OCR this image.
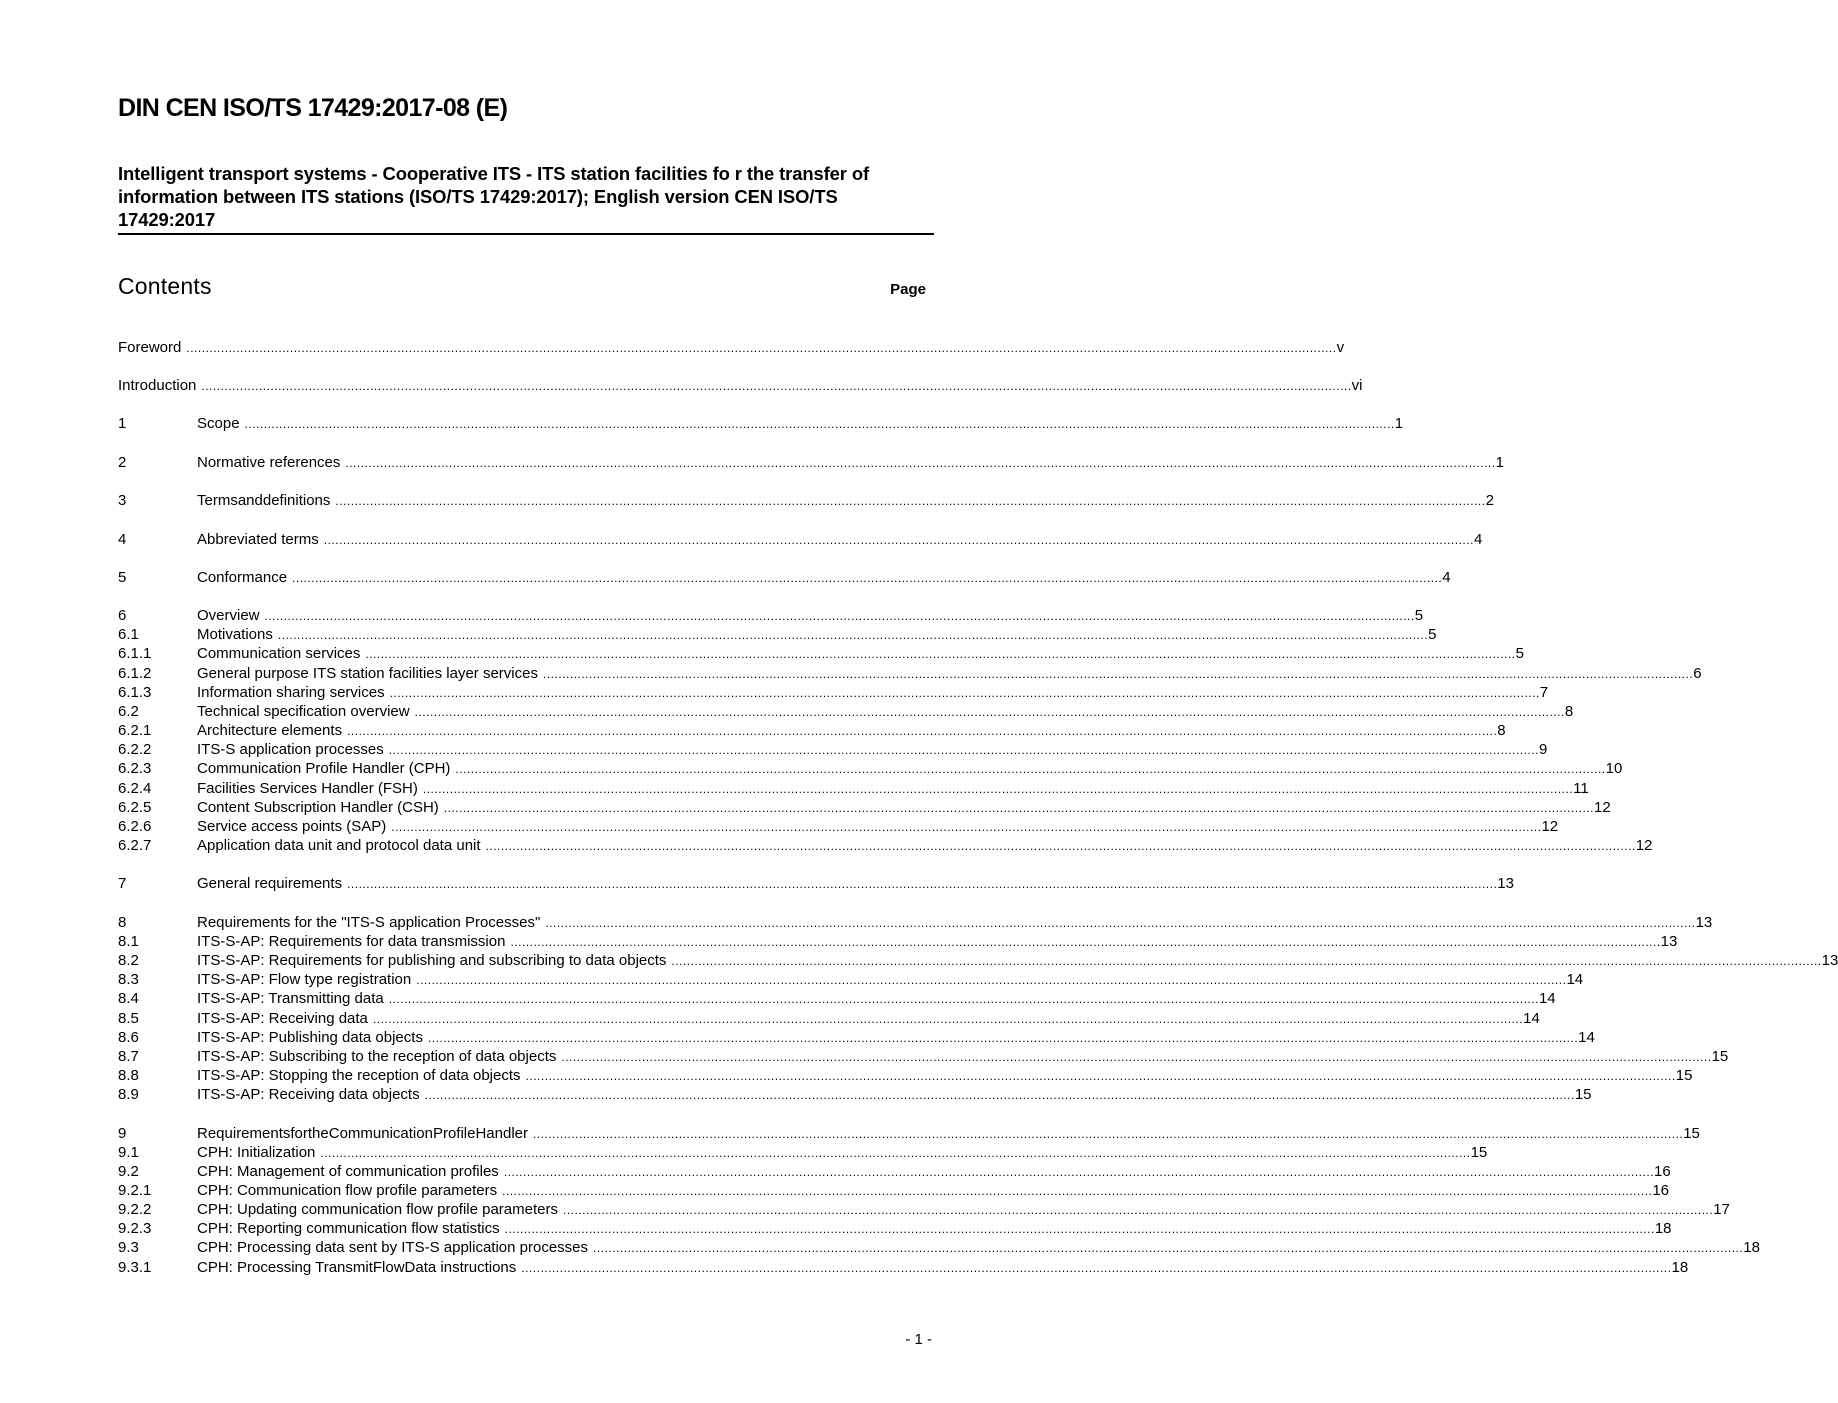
DIN CEN ISO/TS 17429:2017-08 (E)

Intelligent transport systems - Cooperative ITS - ITS station facilities fo r the transfer of information between ITS stations (ISO/TS 17429:2017); English version CEN ISO/TS 17429:2017

Contents	Page
Foreword ............................................................................................................................................................................................................................................................................................................ v
Introduction ............................................................................................................................................................................................................................................................................................................ vi
1	Scope ............................................................................................................................................................................................................................................................................................................ 1
2	Normative references ............................................................................................................................................................................................................................................................................................................ 1
3	Termsanddefinitions ............................................................................................................................................................................................................................................................................................................ 2
4	Abbreviated terms ............................................................................................................................................................................................................................................................................................................ 4
5	Conformance ............................................................................................................................................................................................................................................................................................................ 4
6	Overview ............................................................................................................................................................................................................................................................................................................ 5
6.1	Motivations ............................................................................................................................................................................................................................................................................................................ 5
6.1.1	Communication services ............................................................................................................................................................................................................................................................................................................ 5
6.1.2	General purpose ITS station facilities layer services ............................................................................................................................................................................................................................................................................................................ 6
6.1.3	Information sharing services ............................................................................................................................................................................................................................................................................................................ 7
6.2	Technical specification overview ............................................................................................................................................................................................................................................................................................................ 8
6.2.1	Architecture elements ............................................................................................................................................................................................................................................................................................................ 8
6.2.2	ITS-S application processes ............................................................................................................................................................................................................................................................................................................ 9
6.2.3	Communication Profile Handler (CPH) ............................................................................................................................................................................................................................................................................................................ 10
6.2.4	Facilities Services Handler (FSH) ............................................................................................................................................................................................................................................................................................................ 11
6.2.5	Content Subscription Handler (CSH) ............................................................................................................................................................................................................................................................................................................ 12
6.2.6	Service access points (SAP) ............................................................................................................................................................................................................................................................................................................ 12
6.2.7	Application data unit and protocol data unit ............................................................................................................................................................................................................................................................................................................ 12
7	General requirements ............................................................................................................................................................................................................................................................................................................ 13
8	Requirements for the "ITS-S application Processes" ............................................................................................................................................................................................................................................................................................................ 13
8.1	ITS-S-AP: Requirements for data transmission ............................................................................................................................................................................................................................................................................................................ 13
8.2	ITS-S-AP: Requirements for publishing and subscribing to data objects ............................................................................................................................................................................................................................................................................................................ 13
8.3	ITS-S-AP: Flow type registration ............................................................................................................................................................................................................................................................................................................ 14
8.4	ITS-S-AP: Transmitting data ............................................................................................................................................................................................................................................................................................................ 14
8.5	ITS-S-AP: Receiving data ............................................................................................................................................................................................................................................................................................................ 14
8.6	ITS-S-AP: Publishing data objects ............................................................................................................................................................................................................................................................................................................ 14
8.7	ITS-S-AP: Subscribing to the reception of data objects ............................................................................................................................................................................................................................................................................................................ 15
8.8	ITS-S-AP: Stopping the reception of data objects ............................................................................................................................................................................................................................................................................................................ 15
8.9	ITS-S-AP: Receiving data objects ............................................................................................................................................................................................................................................................................................................ 15
9	RequirementsfortheCommunicationProfileHandler ............................................................................................................................................................................................................................................................................................................ 15
9.1	CPH: Initialization ............................................................................................................................................................................................................................................................................................................ 15
9.2	CPH: Management of communication profiles ............................................................................................................................................................................................................................................................................................................ 16
9.2.1	CPH: Communication flow profile parameters ............................................................................................................................................................................................................................................................................................................ 16
9.2.2	CPH: Updating communication flow profile parameters ............................................................................................................................................................................................................................................................................................................ 17
9.2.3	CPH: Reporting communication flow statistics ............................................................................................................................................................................................................................................................................................................ 18
9.3	CPH: Processing data sent by ITS-S application processes ............................................................................................................................................................................................................................................................................................................ 18
9.3.1	CPH: Processing TransmitFlowData instructions ............................................................................................................................................................................................................................................................................................................ 18
- 1 -
